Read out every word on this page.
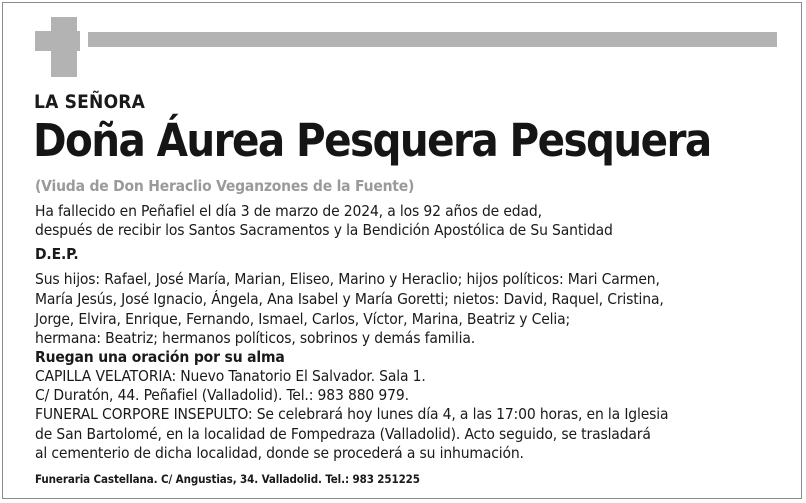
LA SEÑORA
Doña Áurea Pesquera Pesquera
(Viuda de Don Heraclio Veganzones de la Fuente)
Ha fallecido en Peñafiel el día 3 de marzo de 2024, a los 92 años de edad,
después de recibir los Santos Sacramentos y la Bendición Apostólica de Su Santidad
D.E.P.
Sus hijos: Rafael, José María, Marian, Eliseo, Marino y Heraclio; hijos políticos: Mari Carmen,
María Jesús, José Ignacio, Ángela, Ana Isabel y María Goretti; nietos: David, Raquel, Cristina,
Jorge, Elvira, Enrique, Fernando, Ismael, Carlos, Víctor, Marina, Beatriz y Celia;
hermana: Beatriz; hermanos políticos, sobrinos y demás familia.
Ruegan una oración por su alma
CAPILLA VELATORIA: Nuevo Tanatorio El Salvador. Sala 1.
C/ Duratón, 44. Peñafiel (Valladolid). Tel.: 983 880 979.
FUNERAL CORPORE INSEPULTO: Se celebrará hoy lunes día 4, a las 17:00 horas, en la Iglesia
de San Bartolomé, en la localidad de Fompedraza (Valladolid). Acto seguido, se trasladará
al cementerio de dicha localidad, donde se procederá a su inhumación.
Funeraria Castellana. C/ Angustias, 34. Valladolid. Tel.: 983 251225
